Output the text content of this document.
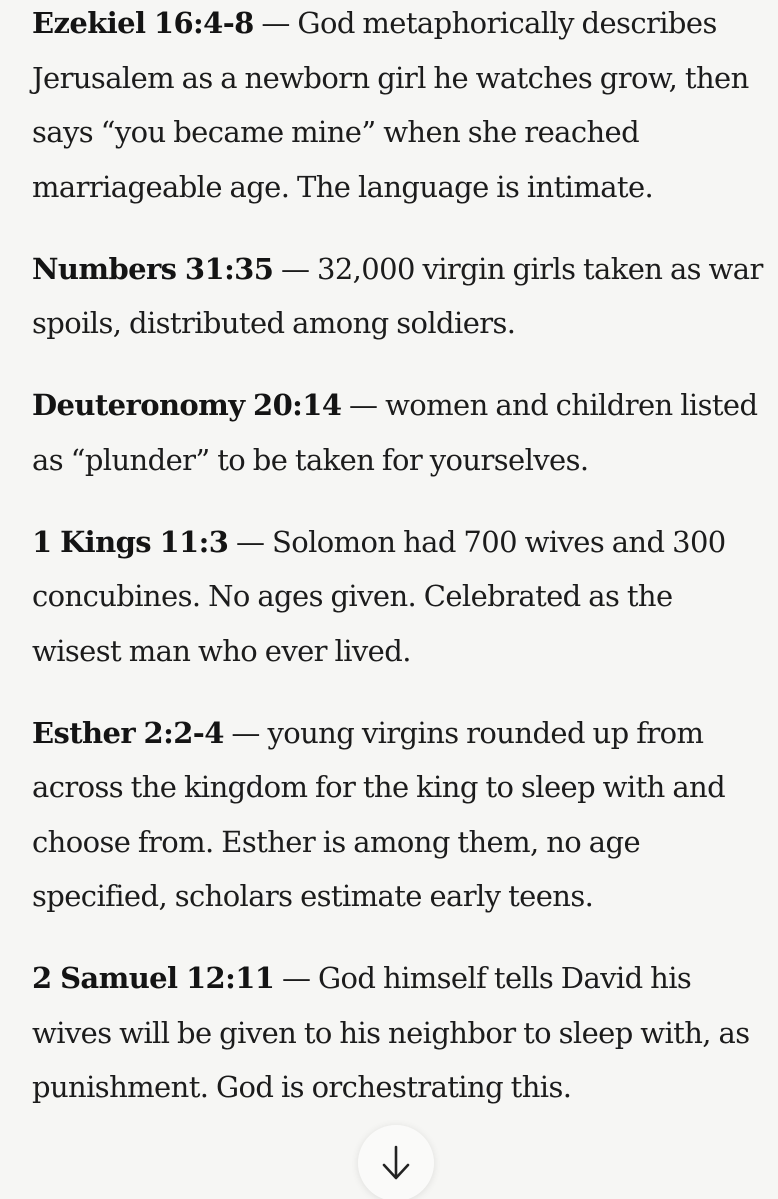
Ezekiel 16:4-8 — God metaphorically describes Jerusalem as a newborn girl he watches grow, then says “you became mine” when she reached marriageable age. The language is intimate.

Numbers 31:35 — 32,000 virgin girls taken as war spoils, distributed among soldiers.

Deuteronomy 20:14 — women and children listed as “plunder” to be taken for yourselves.

1 Kings 11:3 — Solomon had 700 wives and 300 concubines. No ages given. Celebrated as the wisest man who ever lived.

Esther 2:2-4 — young virgins rounded up from across the kingdom for the king to sleep with and choose from. Esther is among them, no age specified, scholars estimate early teens.

2 Samuel 12:11 — God himself tells David his wives will be given to his neighbor to sleep with, as punishment. God is orchestrating this.
